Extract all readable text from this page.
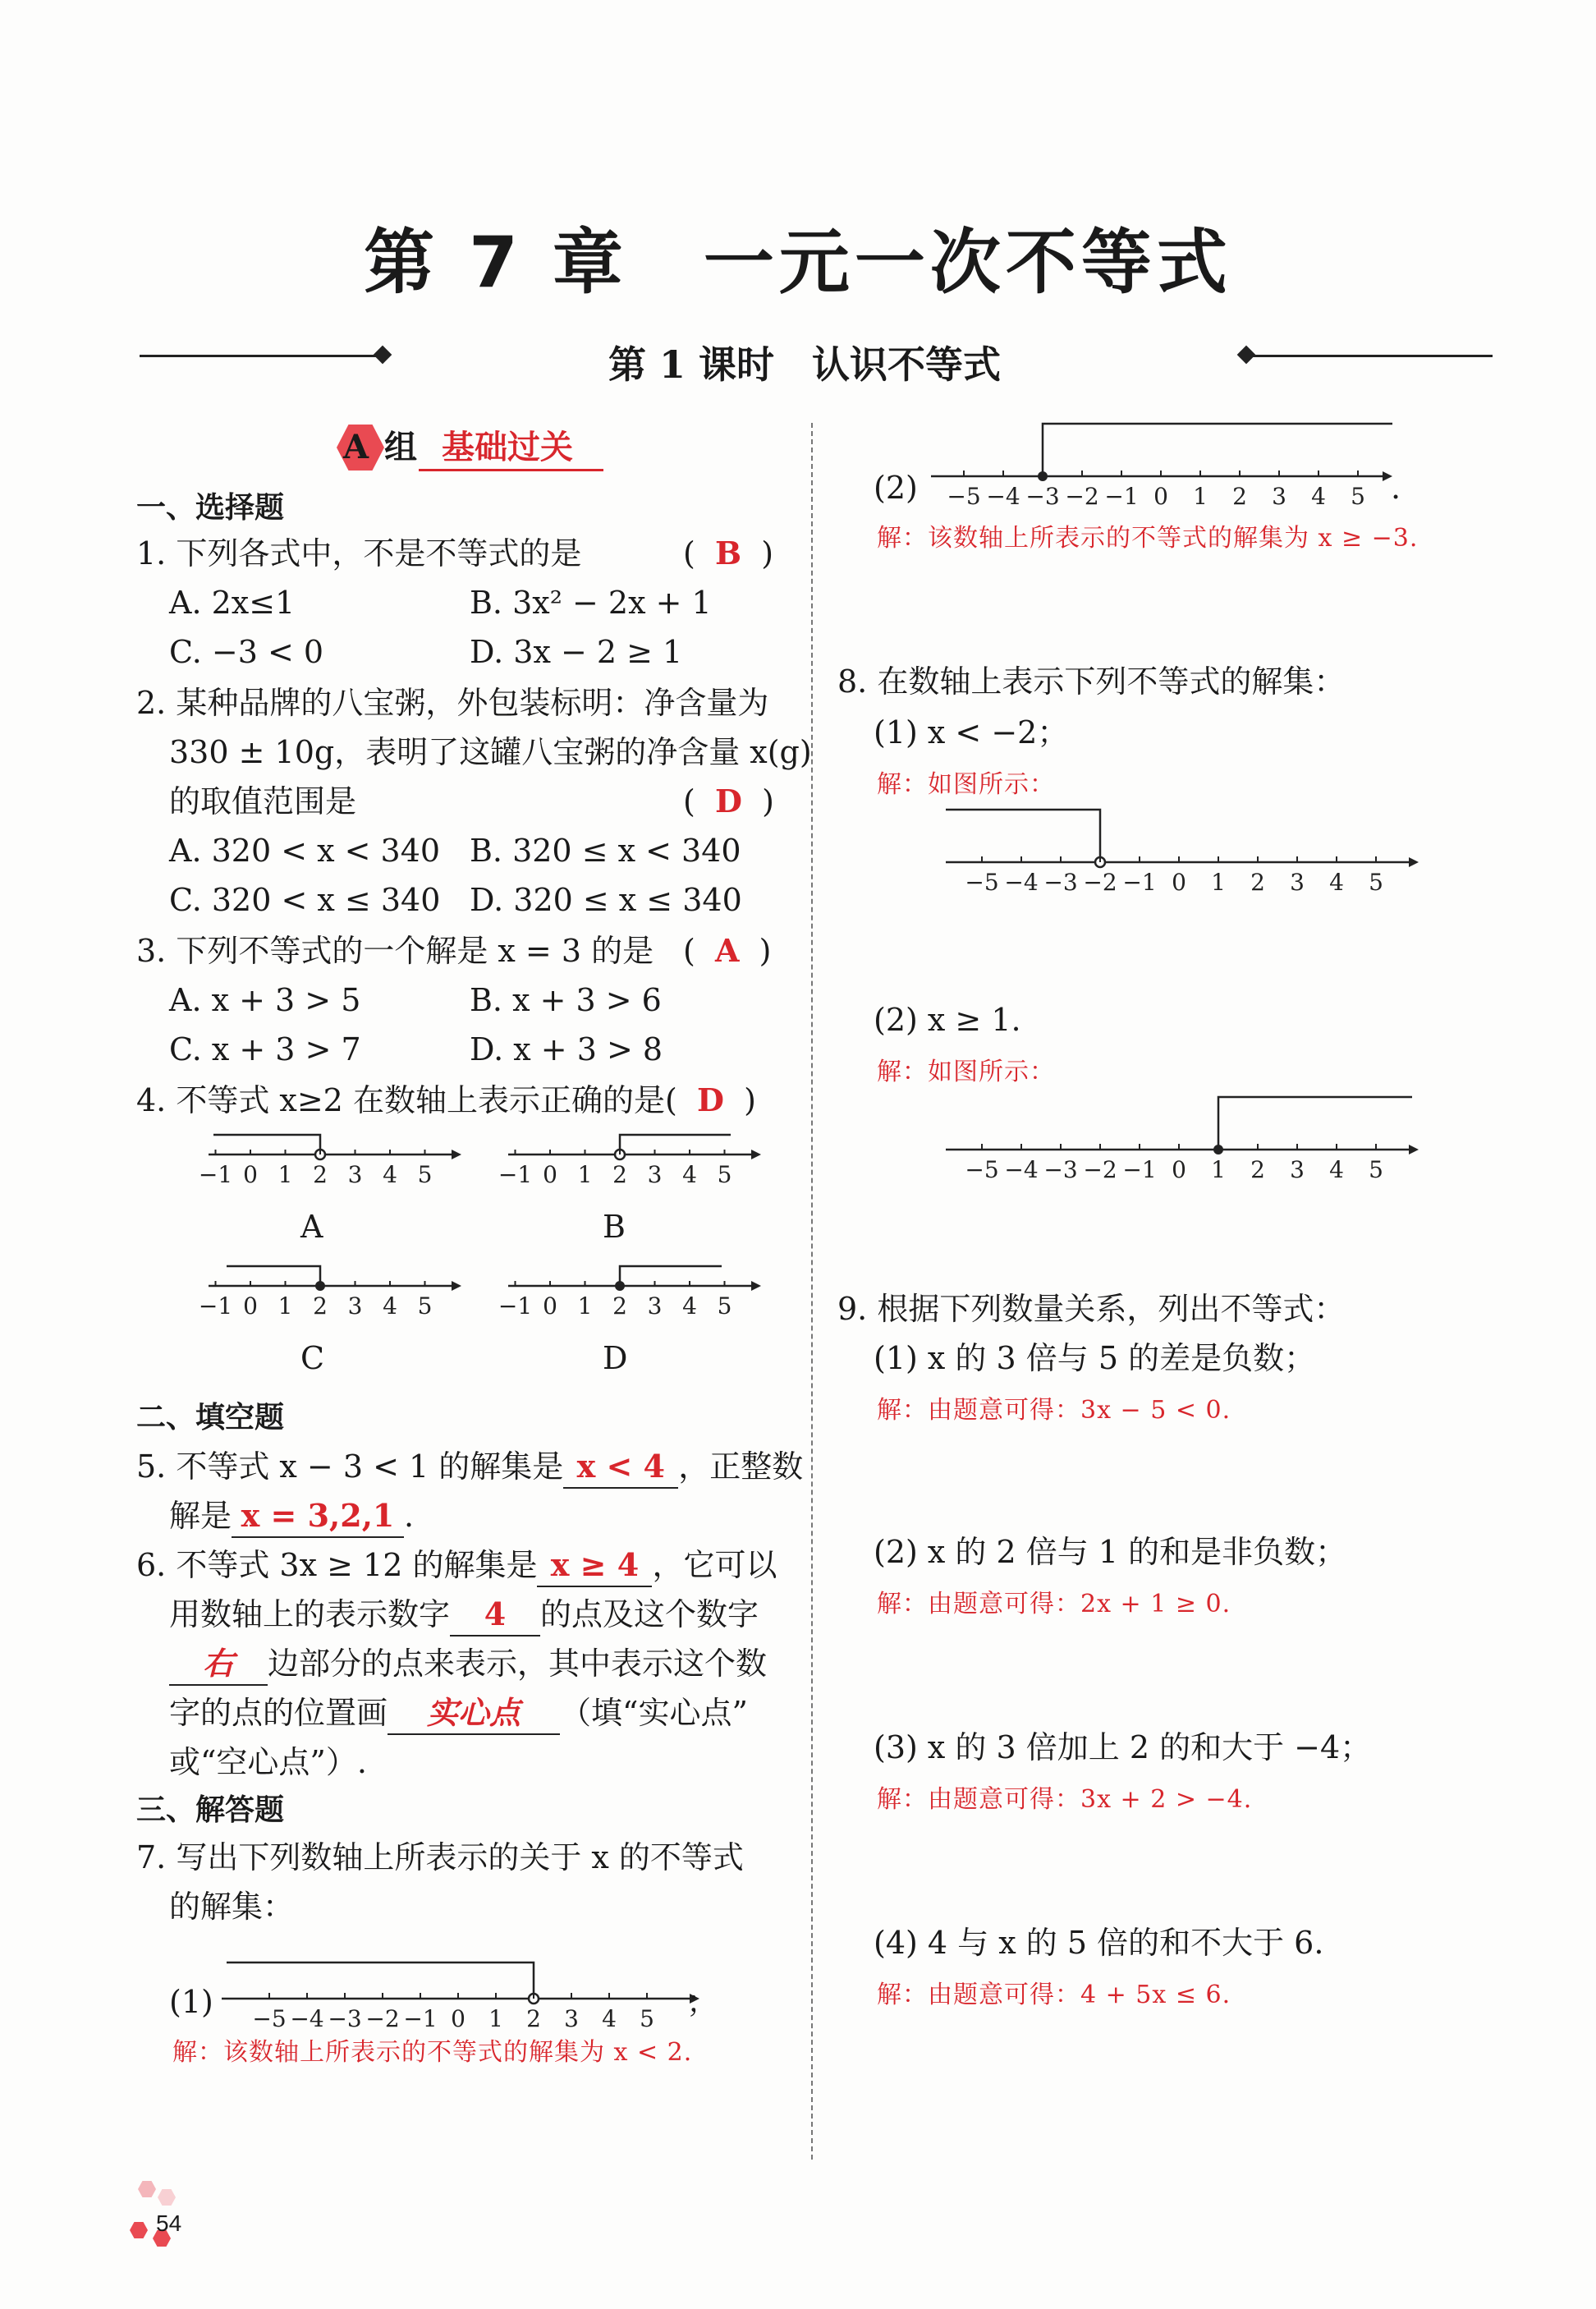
第 7 章　一元一次不等式
第 1 课时　认识不等式
A 组 基础过关
一、选择题
1. 下列各式中，不是不等式的是	(  B  )
A. 2x≤1	B. 3x² − 2x + 1
C. −3 < 0	D. 3x − 2 ≥ 1
2. 某种品牌的八宝粥，外包装标明：净含量为
330 ± 10g，表明了这罐八宝粥的净含量 x(g)
的取值范围是	(  D  )
A. 320 < x < 340 B. 320 ≤ x < 340
C. 320 < x ≤ 340 D. 320 ≤ x ≤ 340
3. 下列不等式的一个解是 x = 3 的是 (  A  )
A. x + 3 > 5	B. x + 3 > 6
C. x + 3 > 7	D. x + 3 > 8
4. 不等式 x≥2 在数轴上表示正确的是( D )
−1 0 1 2 3 4 5
A
−1 0 1 2 3 4 5
B
−1 0 1 2 3 4 5
C
−1 0 1 2 3 4 5
D
二、填空题
5. 不等式 x − 3 < 1 的解集是 x < 4 ，正整数
解是 x = 3,2,1 .
6. 不等式 3x ≥ 12 的解集是 x ≥ 4 ，它可以
用数轴上的表示数字 4 的点及这个数字
右 边部分的点来表示，其中表示这个数
字的点的位置画 实心点 （填“实心点”
或“空心点”）.
三、解答题
7. 写出下列数轴上所表示的关于 x 的不等式
的解集：
(1) −5 −4 −3 −2 −1 0 1 2 3 4 5 ；
解：该数轴上所表示的不等式的解集为 x < 2.
(2) −5 −4 −3 −2 −1 0 1 2 3 4 5 .
解：该数轴上所表示的不等式的解集为 x ≥ −3.
8. 在数轴上表示下列不等式的解集：
(1) x < −2；
解：如图所示：
−5 −4 −3 −2 −1 0 1 2 3 4 5
(2) x ≥ 1.
解：如图所示：
−5 −4 −3 −2 −1 0 1 2 3 4 5
9. 根据下列数量关系，列出不等式：
(1) x 的 3 倍与 5 的差是负数；
解：由题意可得：3x − 5 < 0.
(2) x 的 2 倍与 1 的和是非负数；
解：由题意可得：2x + 1 ≥ 0.
(3) x 的 3 倍加上 2 的和大于 −4；
解：由题意可得：3x + 2 > −4.
(4) 4 与 x 的 5 倍的和不大于 6.
解：由题意可得：4 + 5x ≤ 6.
54
